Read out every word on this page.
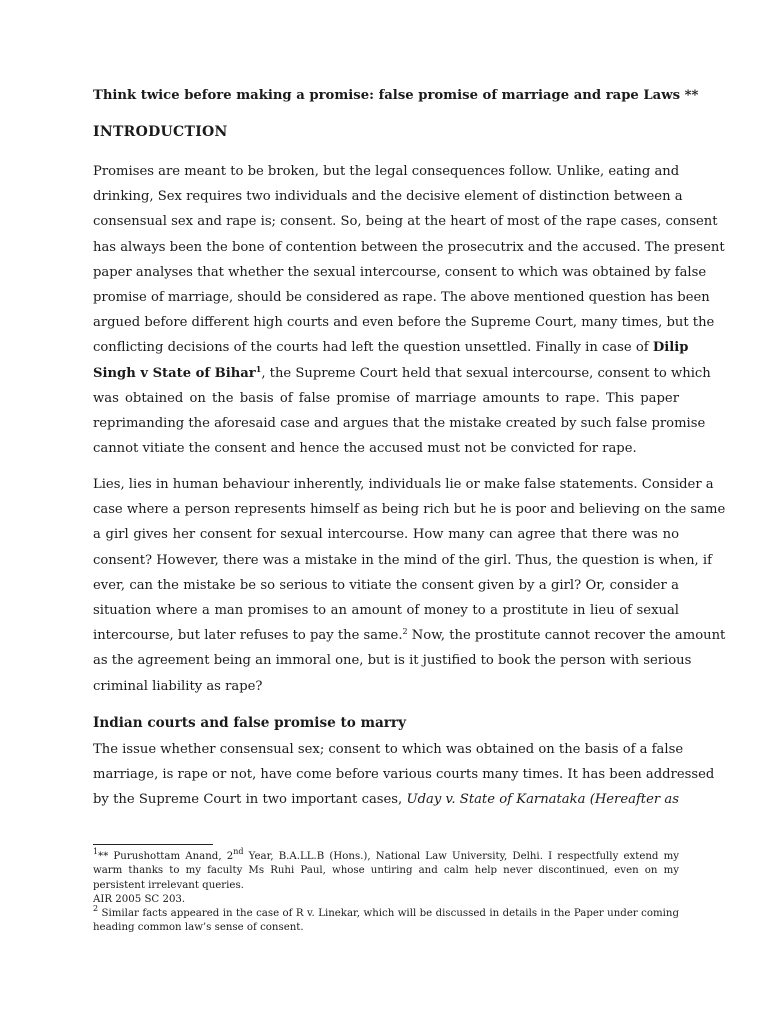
Think twice before making a promise: false promise of marriage and rape Laws **
INTRODUCTION
Promises are meant to be broken, but the legal consequences follow. Unlike, eating and
drinking, Sex requires two individuals and the decisive element of distinction between a
consensual sex and rape is; consent. So, being at the heart of most of the rape cases, consent
has always been the bone of contention between the prosecutrix and the accused. The present
paper analyses that whether the sexual intercourse, consent to which was obtained by false
promise of marriage, should be considered as rape. The above mentioned question has been
argued before different high courts and even before the Supreme Court, many times, but the
conflicting decisions of the courts had left the question unsettled. Finally in case of Dilip
Singh v State of Bihar$^1$, the Supreme Court held that sexual intercourse, consent to which
was obtained on the basis of false promise of marriage amounts to rape. This paper
reprimanding the aforesaid case and argues that the mistake created by such false promise
cannot vitiate the consent and hence the accused must not be convicted for rape.
Lies, lies in human behaviour inherently, individuals lie or make false statements. Consider a
case where a person represents himself as being rich but he is poor and believing on the same
a girl gives her consent for sexual intercourse. How many can agree that there was no
consent? However, there was a mistake in the mind of the girl. Thus, the question is when, if
ever, can the mistake be so serious to vitiate the consent given by a girl? Or, consider a
situation where a man promises to an amount of money to a prostitute in lieu of sexual
intercourse, but later refuses to pay the same.$^2$ Now, the prostitute cannot recover the amount
as the agreement being an immoral one, but is it justified to book the person with serious
criminal liability as rape?
Indian courts and false promise to marry
The issue whether consensual sex; consent to which was obtained on the basis of a false
marriage, is rape or not, have come before various courts many times. It has been addressed
by the Supreme Court in two important cases, Uday v. State of Karnataka (Hereafter as
$^1$** Purushottam Anand, 2nd Year, B.A.LL.B (Hons.), National Law University, Delhi. I respectfully extend my
warm thanks to my faculty Ms Ruhi Paul, whose untiring and calm help never discontinued, even on my
persistent irrelevant queries.
AIR 2005 SC 203.
$^2$ Similar facts appeared in the case of R v. Linekar, which will be discussed in details in the Paper under coming
heading common law’s sense of consent.
